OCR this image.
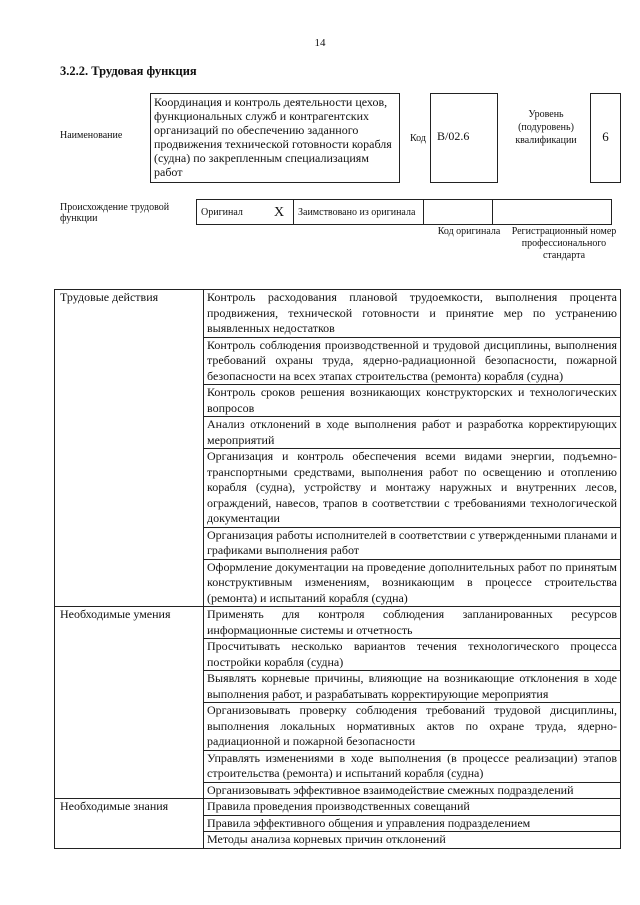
14
3.2.2. Трудовая функция
Наименование
Координация и контроль деятельности цехов, функциональных служб и контрагентских организаций по обеспечению заданного продвижения технической готовности корабля (судна) по закрепленным специализациям работ
Код B/02.6
Уровень (подуровень) квалификации	6
Происхождение трудовой функции
Оригинал	X	Заимствовано из оригинала		
Код оригинала	Регистрационный номер профессионального стандарта
Трудовые действия	Контроль расходования плановой трудоемкости, выполнения процента продвижения, технической готовности и принятие мер по устранению выявленных недостатков
	Контроль соблюдения производственной и трудовой дисциплины, выполнения требований охраны труда, ядерно-радиационной безопасности, пожарной безопасности на всех этапах строительства (ремонта) корабля (судна)
	Контроль сроков решения возникающих конструкторских и технологических вопросов
	Анализ отклонений в ходе выполнения работ и разработка корректирующих мероприятий
	Организация и контроль обеспечения всеми видами энергии, подъемно-транспортными средствами, выполнения работ по освещению и отоплению корабля (судна), устройству и монтажу наружных и внутренних лесов, ограждений, навесов, трапов в соответствии с требованиями технологической документации
	Организация работы исполнителей в соответствии с утвержденными планами и графиками выполнения работ
	Оформление документации на проведение дополнительных работ по принятым конструктивным изменениям, возникающим в процессе строительства (ремонта) и испытаний корабля (судна)
Необходимые умения	Применять для контроля соблюдения запланированных ресурсов информационные системы и отчетность
	Просчитывать несколько вариантов течения технологического процесса постройки корабля (судна)
	Выявлять корневые причины, влияющие на возникающие отклонения в ходе выполнения работ, и разрабатывать корректирующие мероприятия
	Организовывать проверку соблюдения требований трудовой дисциплины, выполнения локальных нормативных актов по охране труда, ядерно-радиационной и пожарной безопасности
	Управлять изменениями в ходе выполнения (в процессе реализации) этапов строительства (ремонта) и испытаний корабля (судна)
	Организовывать эффективное взаимодействие смежных подразделений
Необходимые знания	Правила проведения производственных совещаний
	Правила эффективного общения и управления подразделением
	Методы анализа корневых причин отклонений
